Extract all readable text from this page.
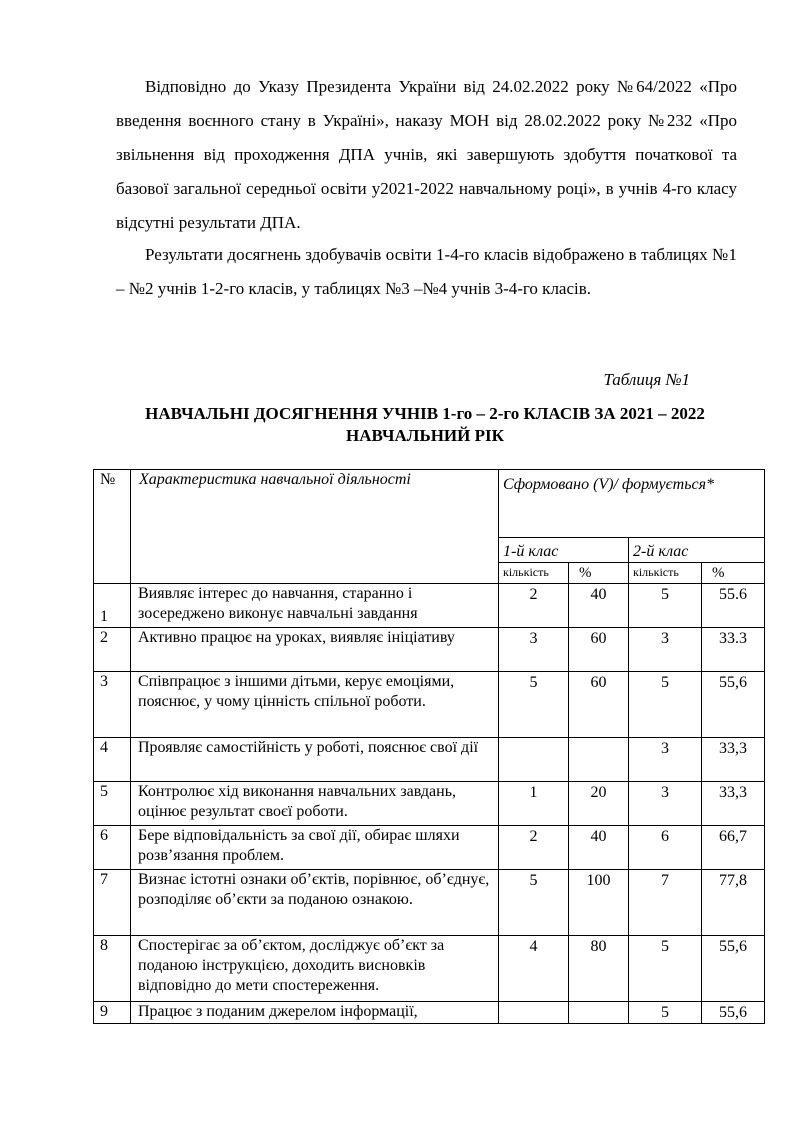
Відповідно до Указу Президента України від 24.02.2022 року №64/2022 «Про введення воєнного стану в Україні», наказу МОН від 28.02.2022 року №232 «Про звільнення від проходження ДПА учнів, які завершують здобуття початкової та базової загальної середньої освіти у2021-2022 навчальному році», в учнів 4-го класу відсутні результати ДПА.

Результати досягнень здобувачів освіти 1-4-го класів відображено в таблицях №1 – №2 учнів 1-2-го класів, у таблицях №3 –№4 учнів 3-4-го класів.

Таблиця №1

НАВЧАЛЬНІ ДОСЯГНЕННЯ УЧНІВ 1-го – 2-го КЛАСІВ ЗА 2021 – 2022 НАВЧАЛЬНИЙ РІК

№	Характеристика навчальної діяльності	Сформовано (V)/ формується*			
		1-й клас		2-й клас	
		кількість	%	кількість	%
1	Виявляє інтерес до навчання, старанно і зосереджено виконує навчальні завдання	2	40	5	55.6
2	Активно працює на уроках, виявляє ініціативу	3	60	3	33.3
3	Співпрацює з іншими дітьми, керує емоціями, пояснює, у чому цінність спільної роботи.	5	60	5	55,6
4	Проявляє самостійність у роботі, пояснює свої дії			3	33,3
5	Контролює хід виконання навчальних завдань, оцінює результат своєї роботи.	1	20	3	33,3
6	Бере відповідальність за свої дії, обирає шляхи розв’язання проблем.	2	40	6	66,7
7	Визнає істотні ознаки об’єктів, порівнює, об’єднує, розподіляє об’єкти за поданою ознакою.	5	100	7	77,8
8	Спостерігає за об’єктом, досліджує об’єкт за поданою інструкцією, доходить висновків відповідно до мети спостереження.	4	80	5	55,6
9	Працює з поданим джерелом інформації,			5	55,6
